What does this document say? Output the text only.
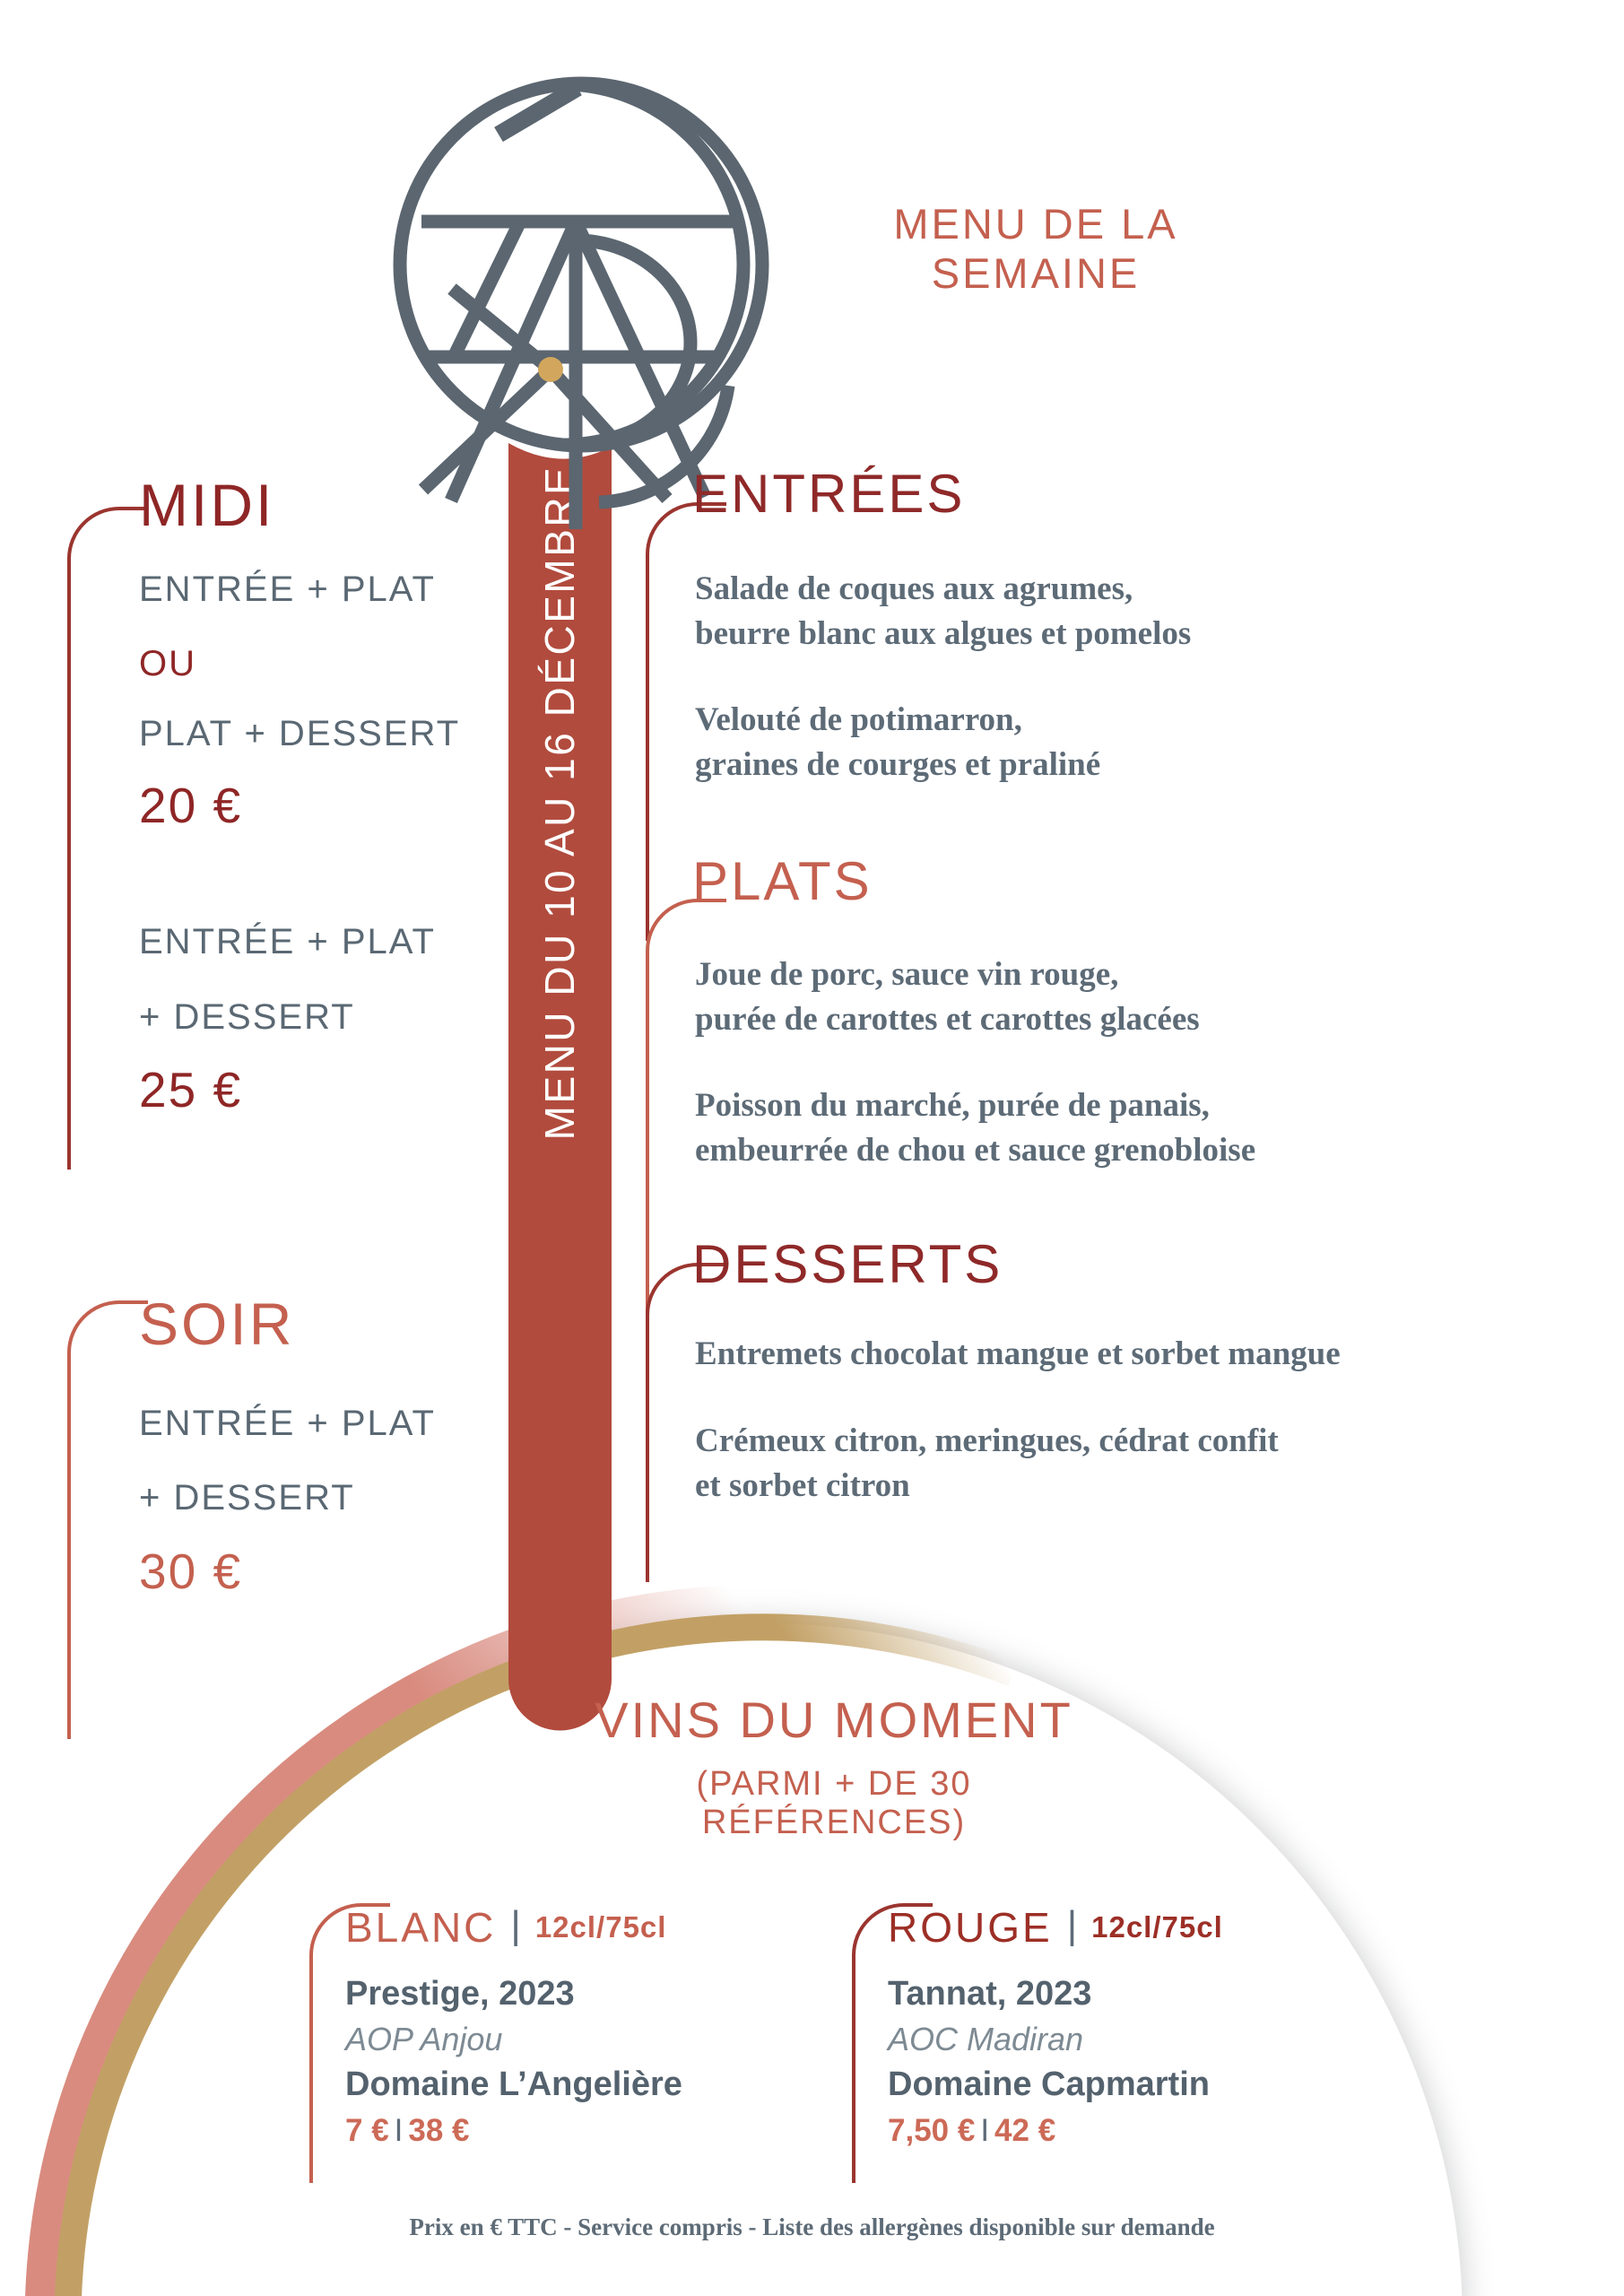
MENU DU 10 AU 16 DÉCEMBRE
MENU DE LA SEMAINE
MIDI
ENTRÉE + PLAT
OU
PLAT + DESSERT
20 €
ENTRÉE + PLAT
+ DESSERT
25 €
SOIR
ENTRÉE + PLAT
+ DESSERT
30 €
ENTRÉES
Salade de coques aux agrumes,
beurre blanc aux algues et pomelos
Velouté de potimarron,
graines de courges et praliné
PLATS
Joue de porc, sauce vin rouge,
purée de carottes et carottes glacées
Poisson du marché, purée de panais,
embeurrée de chou et sauce grenobloise
DESSERTS
Entremets chocolat mangue et sorbet mangue
Crémeux citron, meringues, cédrat confit
et sorbet citron
VINS DU MOMENT
(PARMI + DE 30 RÉFÉRENCES)
BLANC | 12cl/75cl
Prestige, 2023
AOP Anjou
Domaine L’Angelière
7 € I 38 €
ROUGE | 12cl/75cl
Tannat, 2023
AOC Madiran
Domaine Capmartin
7,50 € I 42 €
Prix en € TTC - Service compris - Liste des allergènes disponible sur demande
